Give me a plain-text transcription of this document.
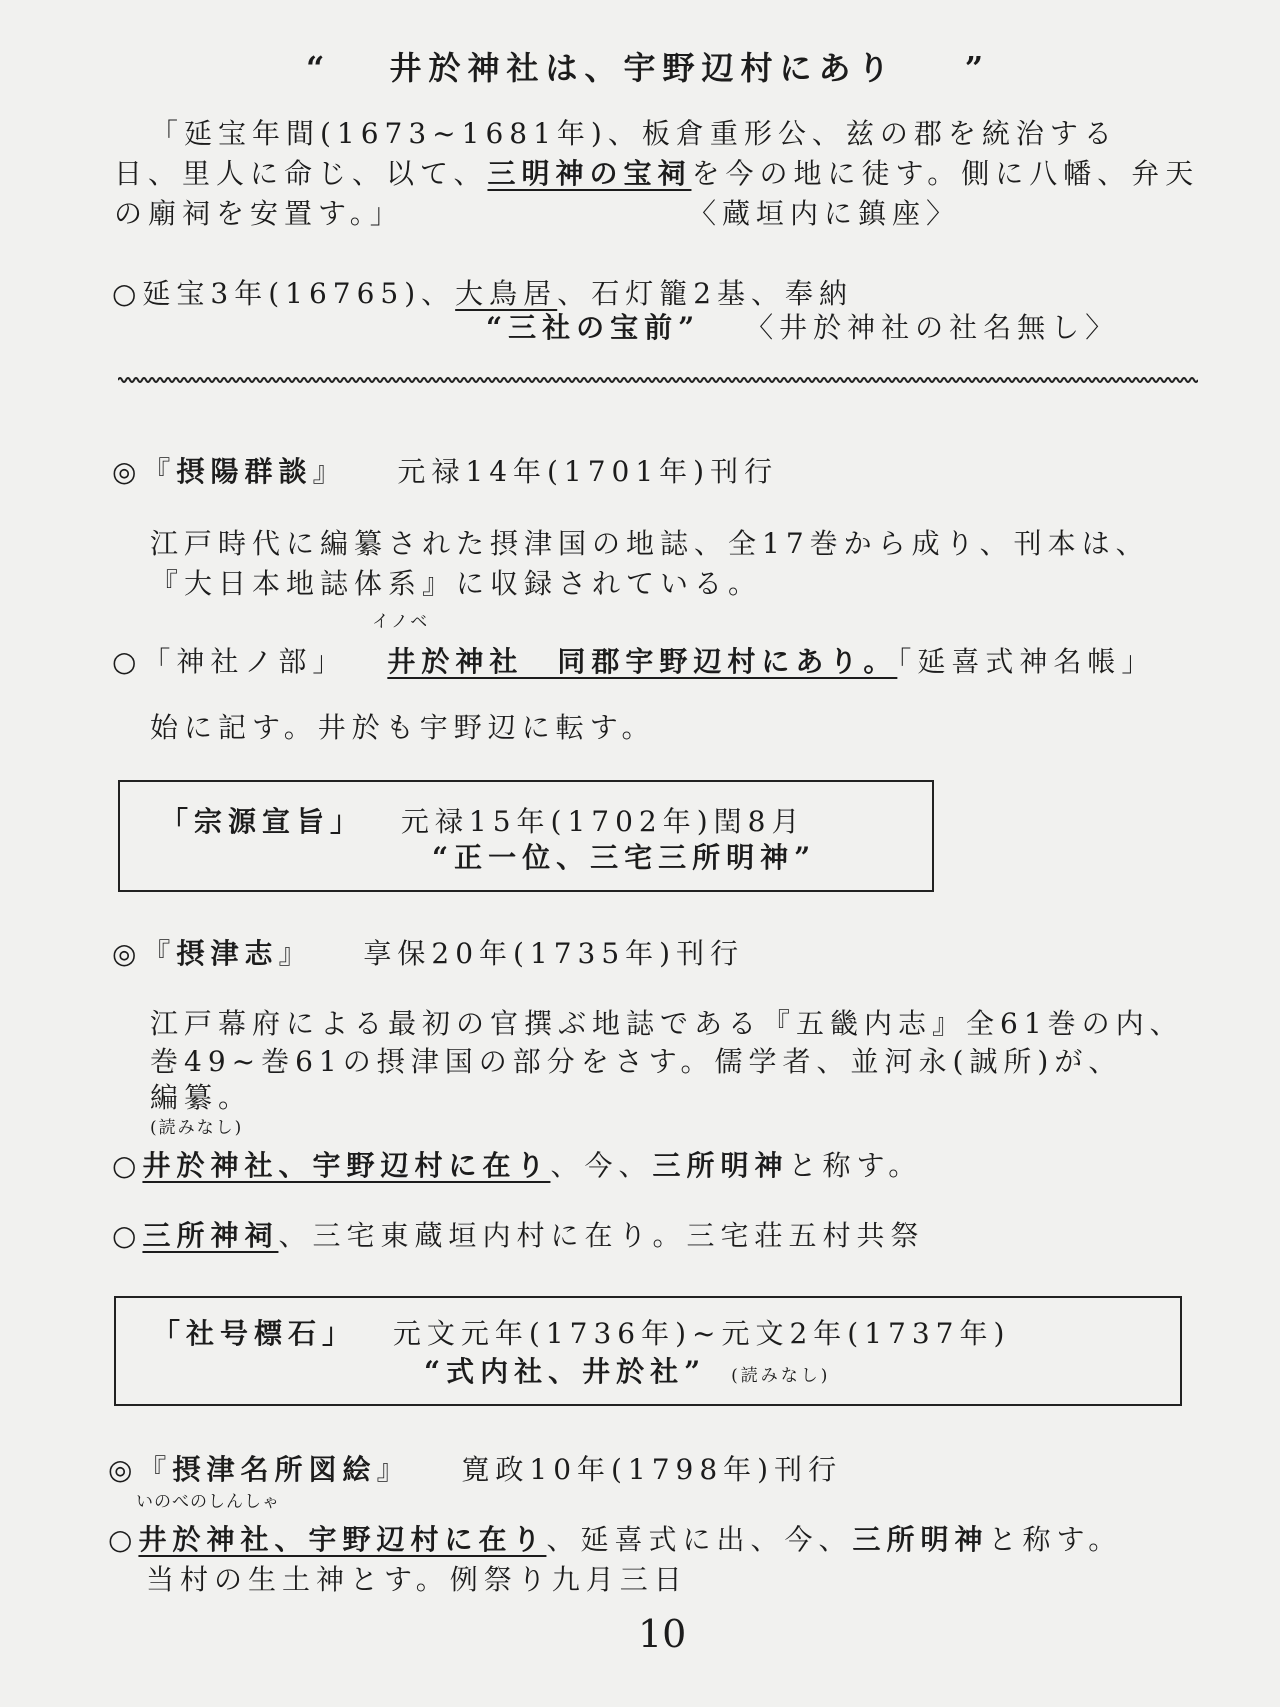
“ 井於神社は、宇野辺村にあり ”
「延宝年間(1673~1681年)、板倉重形公、兹の郡を統治する
日、里人に命じ、以て、三明神の宝祠を今の地に徒す。側に八幡、弁天
の廟祠を安置す。」	〈蔵垣内に鎮座〉
○延宝3年(16765)、大鳥居、石灯籠2基、奉納
“三社の宝前” 〈井於神社の社名無し〉
◎『摂陽群談』 元禄14年(1701年)刊行
江戸時代に編纂された摂津国の地誌、全17巻から成り、刊本は、
『大日本地誌体系』に収録されている。
イノベ
○「神社ノ部」 井於神社　同郡宇野辺村にあり。「延喜式神名帳」
始に記す。井於も宇野辺に転す。
「宗源宣旨」 元禄15年(1702年)閏8月
“正一位、三宅三所明神”
◎『摂津志』 享保20年(1735年)刊行
江戸幕府による最初の官撰ぶ地誌である『五畿内志』全61巻の内、
巻49~巻61の摂津国の部分をさす。儒学者、並河永(誠所)が、
編纂。
(読みなし)
○井於神社、宇野辺村に在り、今、三所明神と称す。
○三所神祠、三宅東蔵垣内村に在り。三宅荘五村共祭
「社号標石」 元文元年(1736年)~元文2年(1737年)
“式内社、井於社” (読みなし)
◎『摂津名所図絵』 寛政10年(1798年)刊行
いのべのしんしゃ
○井於神社、宇野辺村に在り、延喜式に出、今、三所明神と称す。
当村の生土神とす。例祭り九月三日
10
